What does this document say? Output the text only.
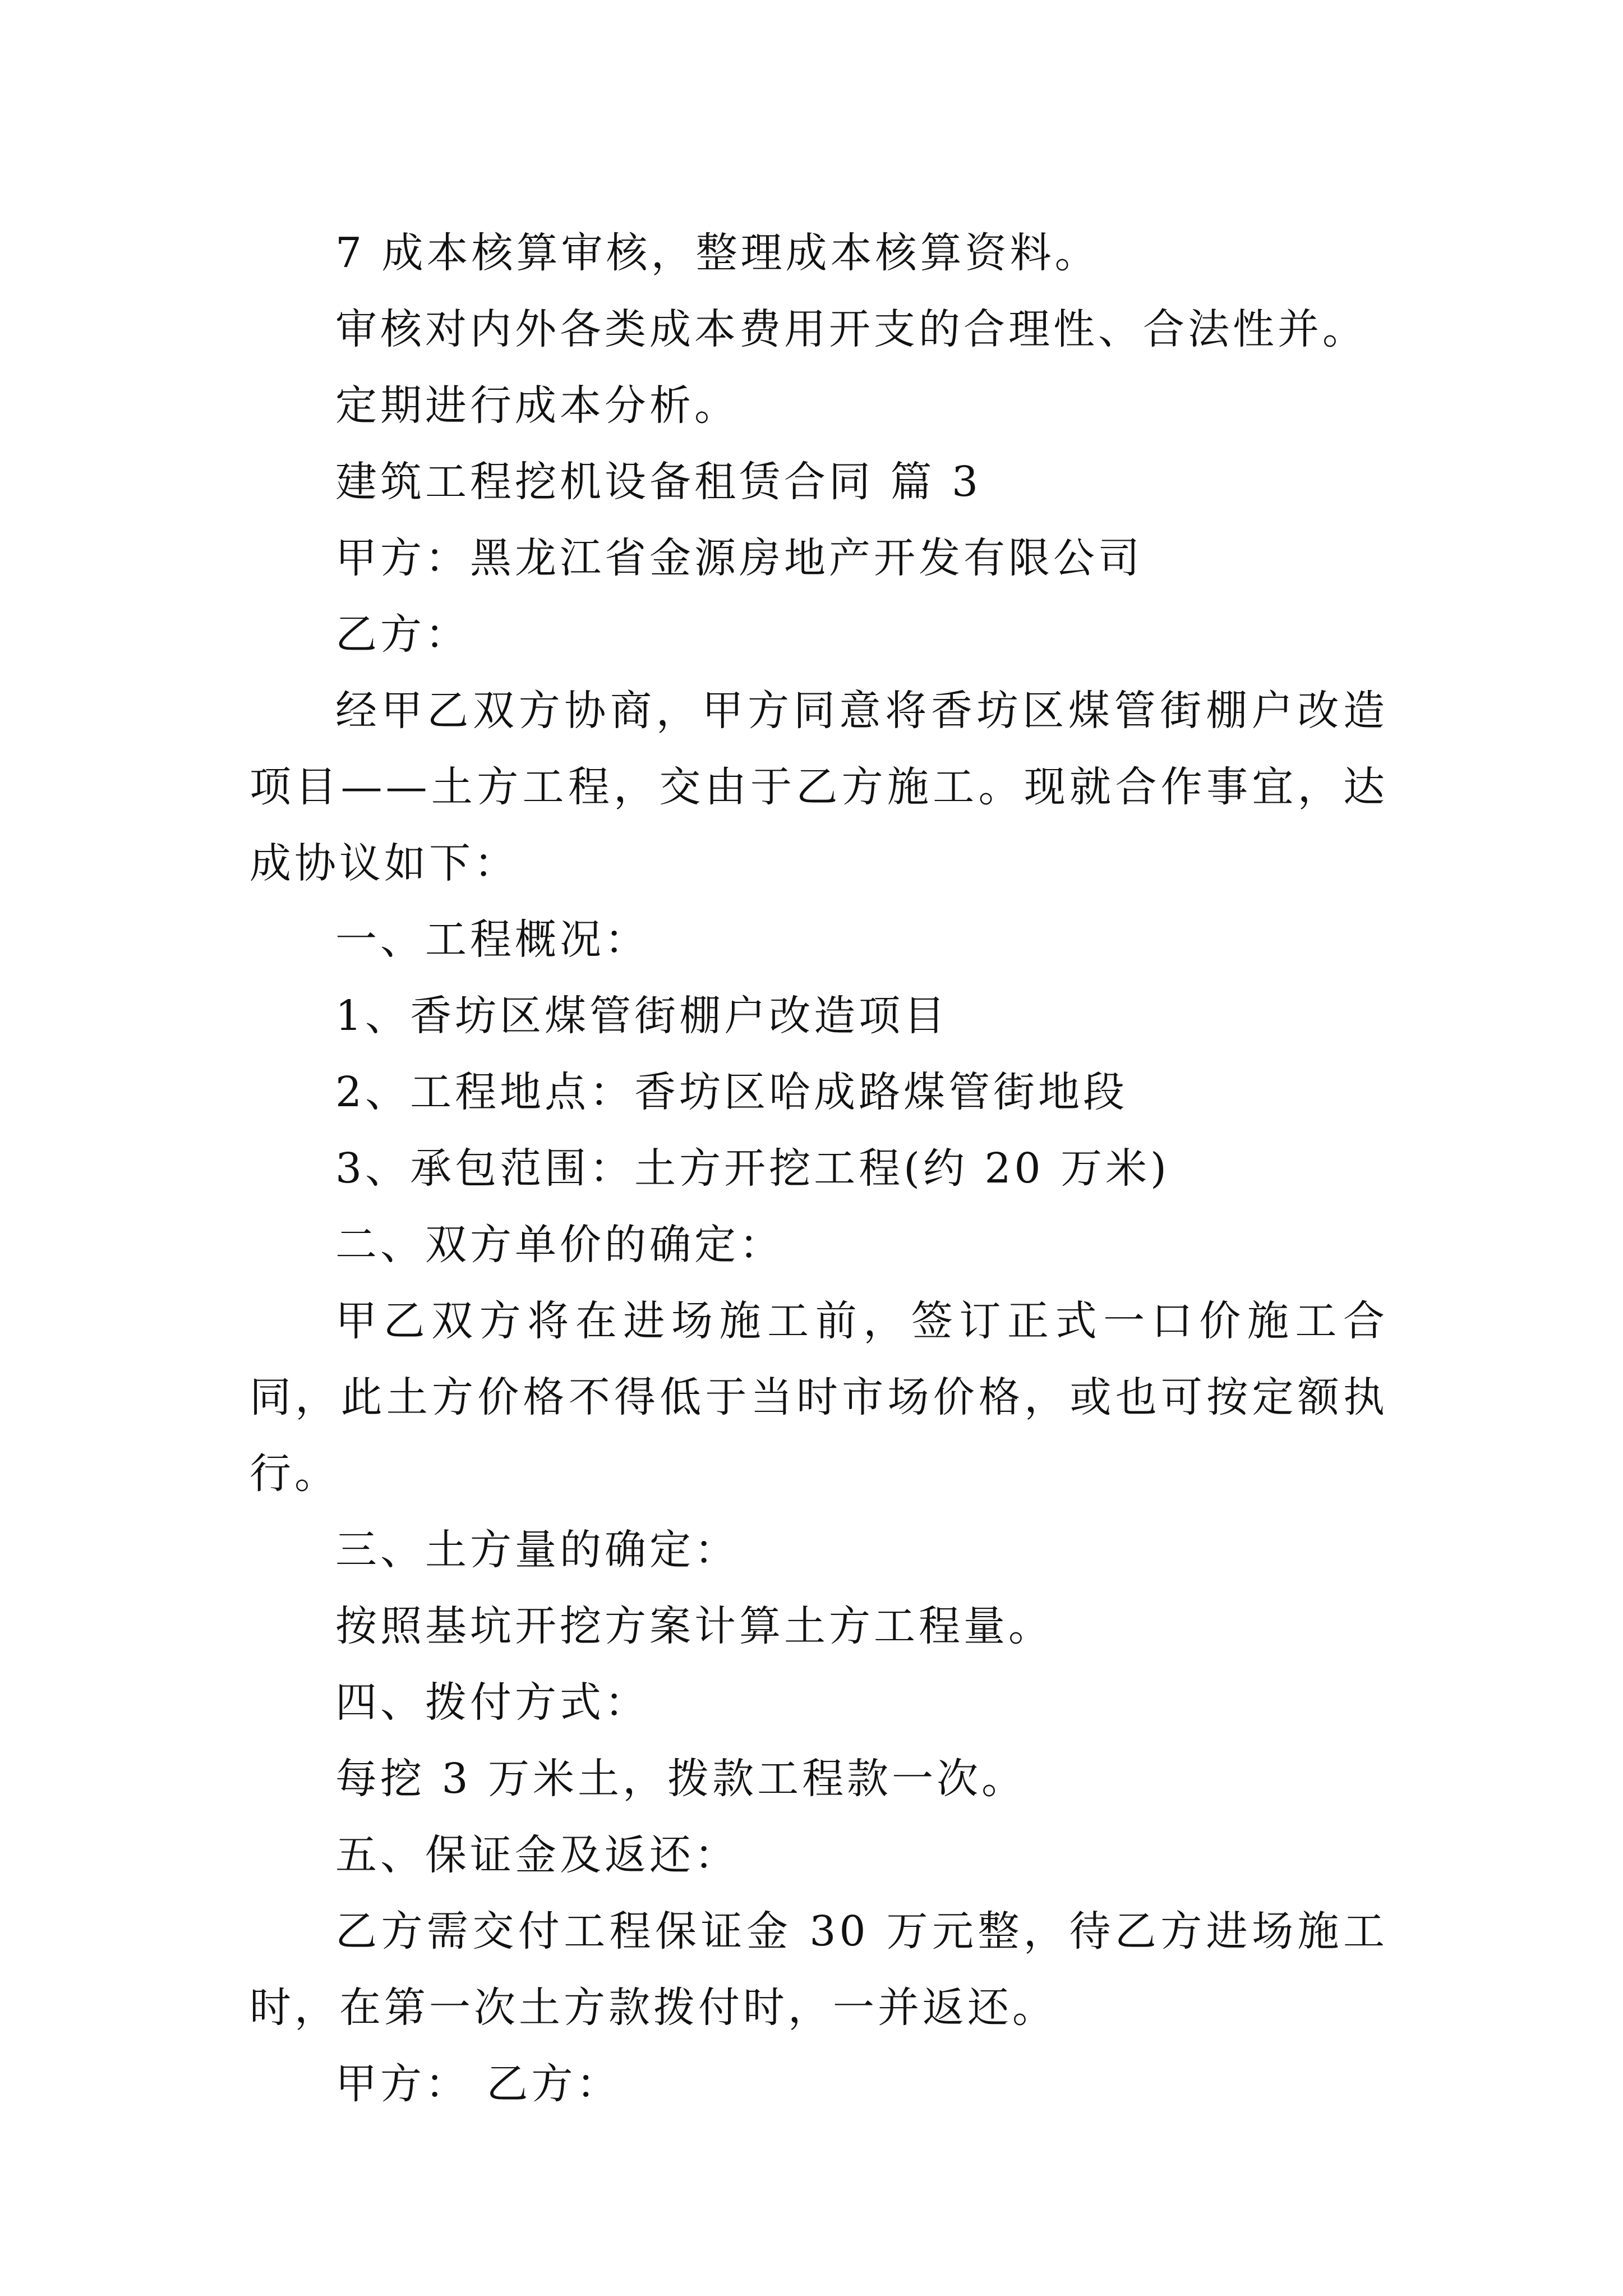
7 成本核算审核，整理成本核算资料。

审核对内外各类成本费用开支的合理性、合法性并。

定期进行成本分析。

建筑工程挖机设备租赁合同 篇 3

甲方：黑龙江省金源房地产开发有限公司

乙方：

经甲乙双方协商，甲方同意将香坊区煤管街棚户改造项目——土方工程，交由于乙方施工。现就合作事宜，达成协议如下：

一、工程概况：

1、香坊区煤管街棚户改造项目

2、工程地点：香坊区哈成路煤管街地段

3、承包范围：土方开挖工程(约 20 万米)

二、双方单价的确定：

甲乙双方将在进场施工前，签订正式一口价施工合同，此土方价格不得低于当时市场价格，或也可按定额执行。

三、土方量的确定：

按照基坑开挖方案计算土方工程量。

四、拨付方式：

每挖 3 万米土，拨款工程款一次。

五、保证金及返还：

乙方需交付工程保证金 30 万元整，待乙方进场施工时，在第一次土方款拨付时，一并返还。

甲方： 乙方：
